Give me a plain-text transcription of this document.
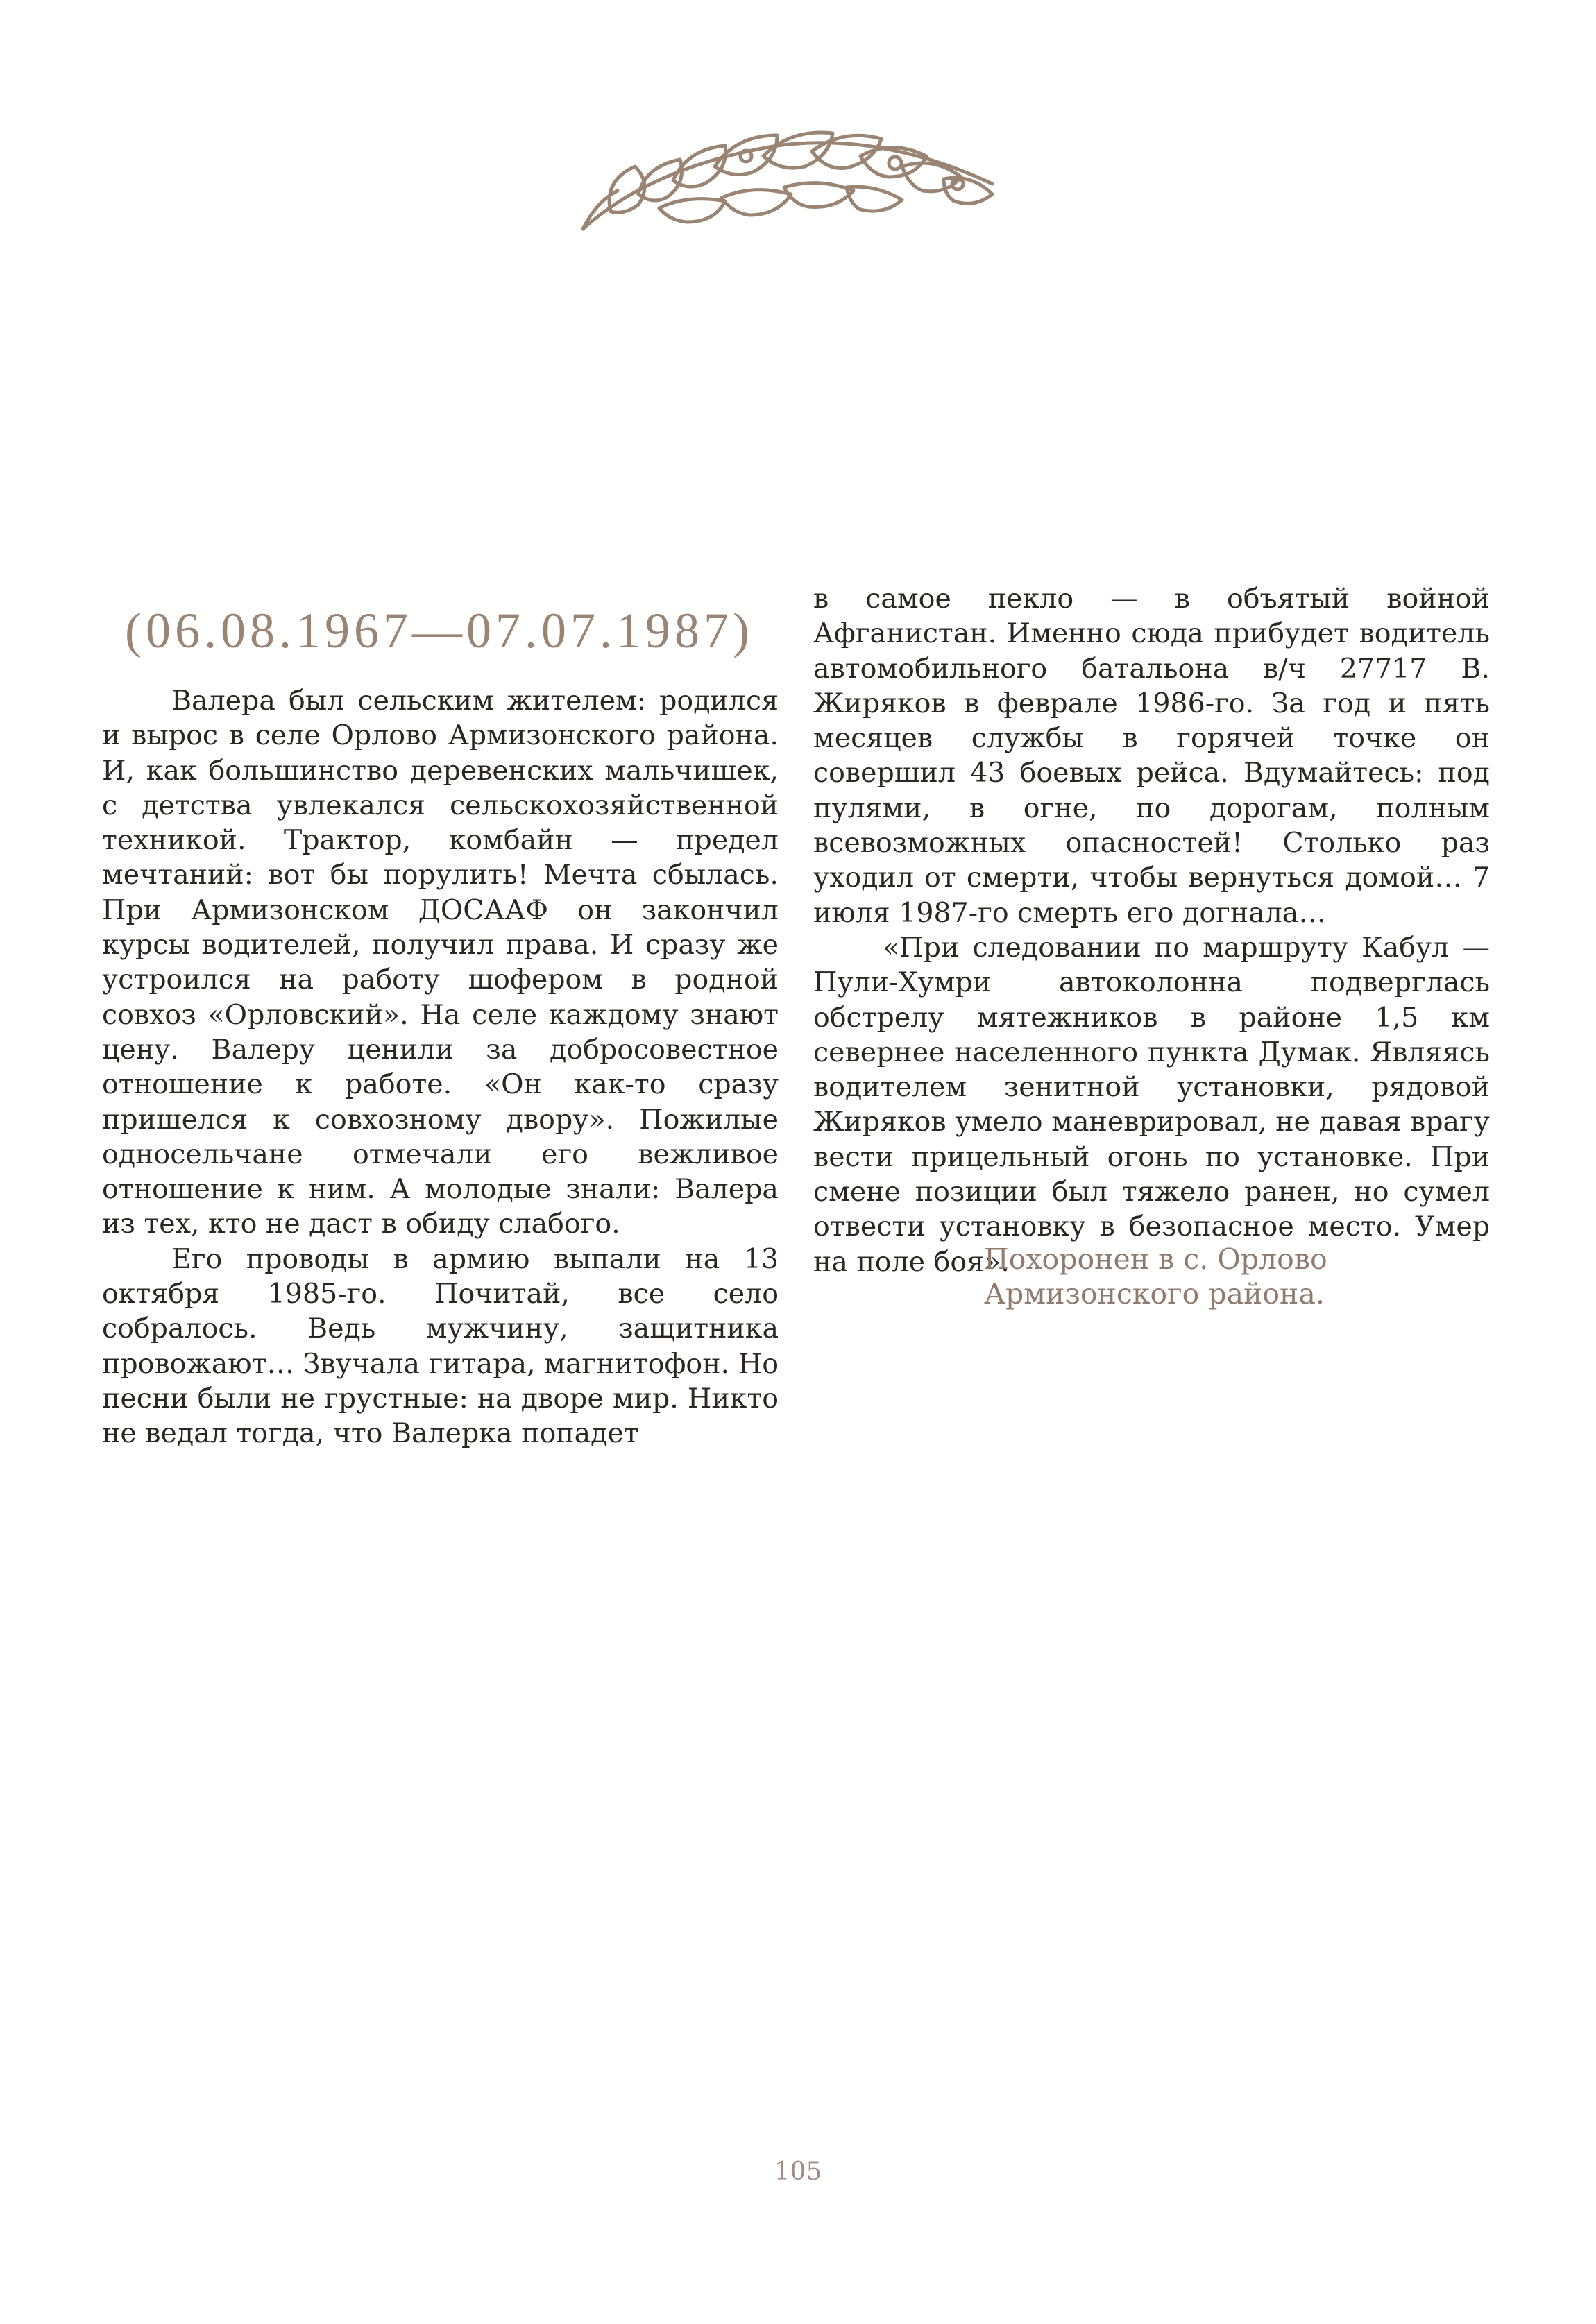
(06.08.1967—07.07.1987)

Валера был сельским жителем: родился и вырос в селе Орлово Армизонского района. И, как большинство деревенских мальчишек, с детства увлекался сельскохозяйственной техникой. Трактор, комбайн — предел мечтаний: вот бы порулить! Мечта сбылась. При Армизонском ДОСААФ он закончил курсы водителей, получил права. И сразу же устроился на работу шофером в родной совхоз «Орловский». На селе каждому знают цену. Валеру ценили за добросовестное отношение к работе. «Он как-то сразу пришелся к совхозному двору». Пожилые односельчане отмечали его вежливое отношение к ним. А молодые знали: Валера из тех, кто не даст в обиду слабого.

Его проводы в армию выпали на 13 октября 1985-го. Почитай, все село собралось. Ведь мужчину, защитника провожают… Звучала гитара, магнитофон. Но песни были не грустные: на дворе мир. Никто не ведал тогда, что Валерка попадет

в самое пекло — в объятый войной Афганистан. Именно сюда прибудет водитель автомобильного батальона в/ч 27717 В. Жиряков в феврале 1986-го. За год и пять месяцев службы в горячей точке он совершил 43 боевых рейса. Вдумайтесь: под пулями, в огне, по дорогам, полным всевозможных опасностей! Столько раз уходил от смерти, чтобы вернуться домой… 7 июля 1987-го смерть его догнала…

«При следовании по маршруту Кабул — Пули-Хумри автоколонна подверглась обстрелу мятежников в районе 1,5 км севернее населенного пункта Думак. Являясь водителем зенитной установки, рядовой Жиряков умело маневрировал, не давая врагу вести прицельный огонь по установке. При смене позиции был тяжело ранен, но сумел отвести установку в безопасное место. Умер на поле боя».

Похоронен в с. Орлово
Армизонского района.
105
